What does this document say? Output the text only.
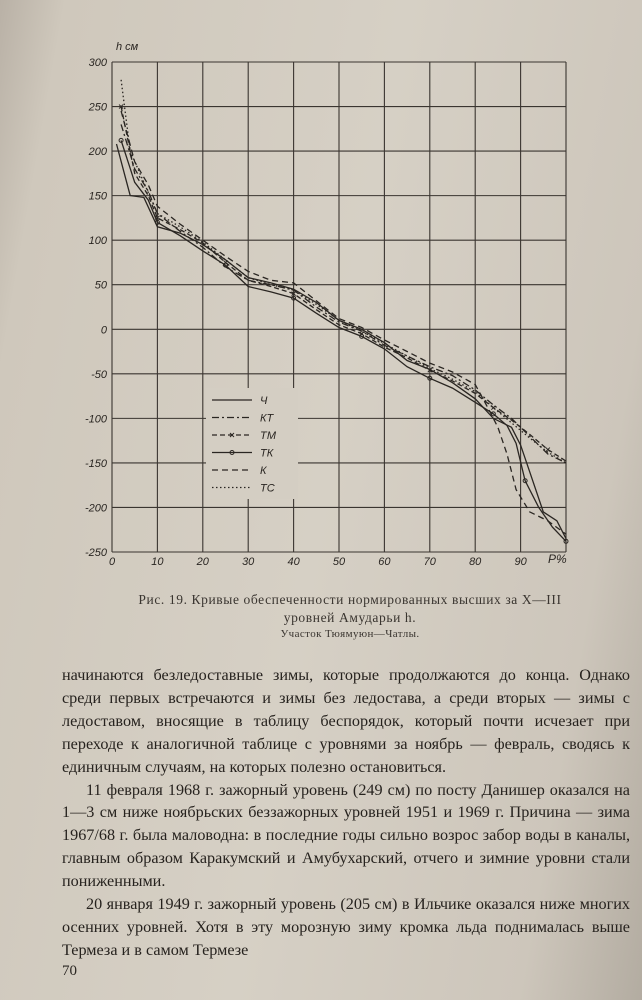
0	10	20	30	40	50	60	70	80	90
300
250
200
150
100
50
0
-50
-100
-150
-200
-250
h см
P%
Ч
КТ
ТМ
ТК
К
ТС
Рис. 19. Кривые обеспеченности нормированных высших за X—III
уровней Амударьи h.
Участок Тюямуюн—Чатлы.

начинаются безледоставные зимы, которые продолжаются до конца. Однако среди первых встречаются и зимы без ледостава, а среди вторых — зимы с ледоставом, вносящие в таблицу беспорядок, который почти исчезает при переходе к аналогичной таблице с уровнями за ноябрь — февраль, сводясь к единичным случаям, на которых полезно остановиться.

11 февраля 1968 г. зажорный уровень (249 см) по посту Данишер оказался на 1—3 см ниже ноябрьских беззажорных уровней 1951 и 1969 г. Причина — зима 1967/68 г. была маловодна: в последние годы сильно возрос забор воды в каналы, главным образом Каракумский и Амубухарский, отчего и зимние уровни стали пониженными.

20 января 1949 г. зажорный уровень (205 см) в Ильчике оказался ниже многих осенних уровней. Хотя в эту морозную зиму кромка льда поднималась выше Термеза и в самом Термезе

70
